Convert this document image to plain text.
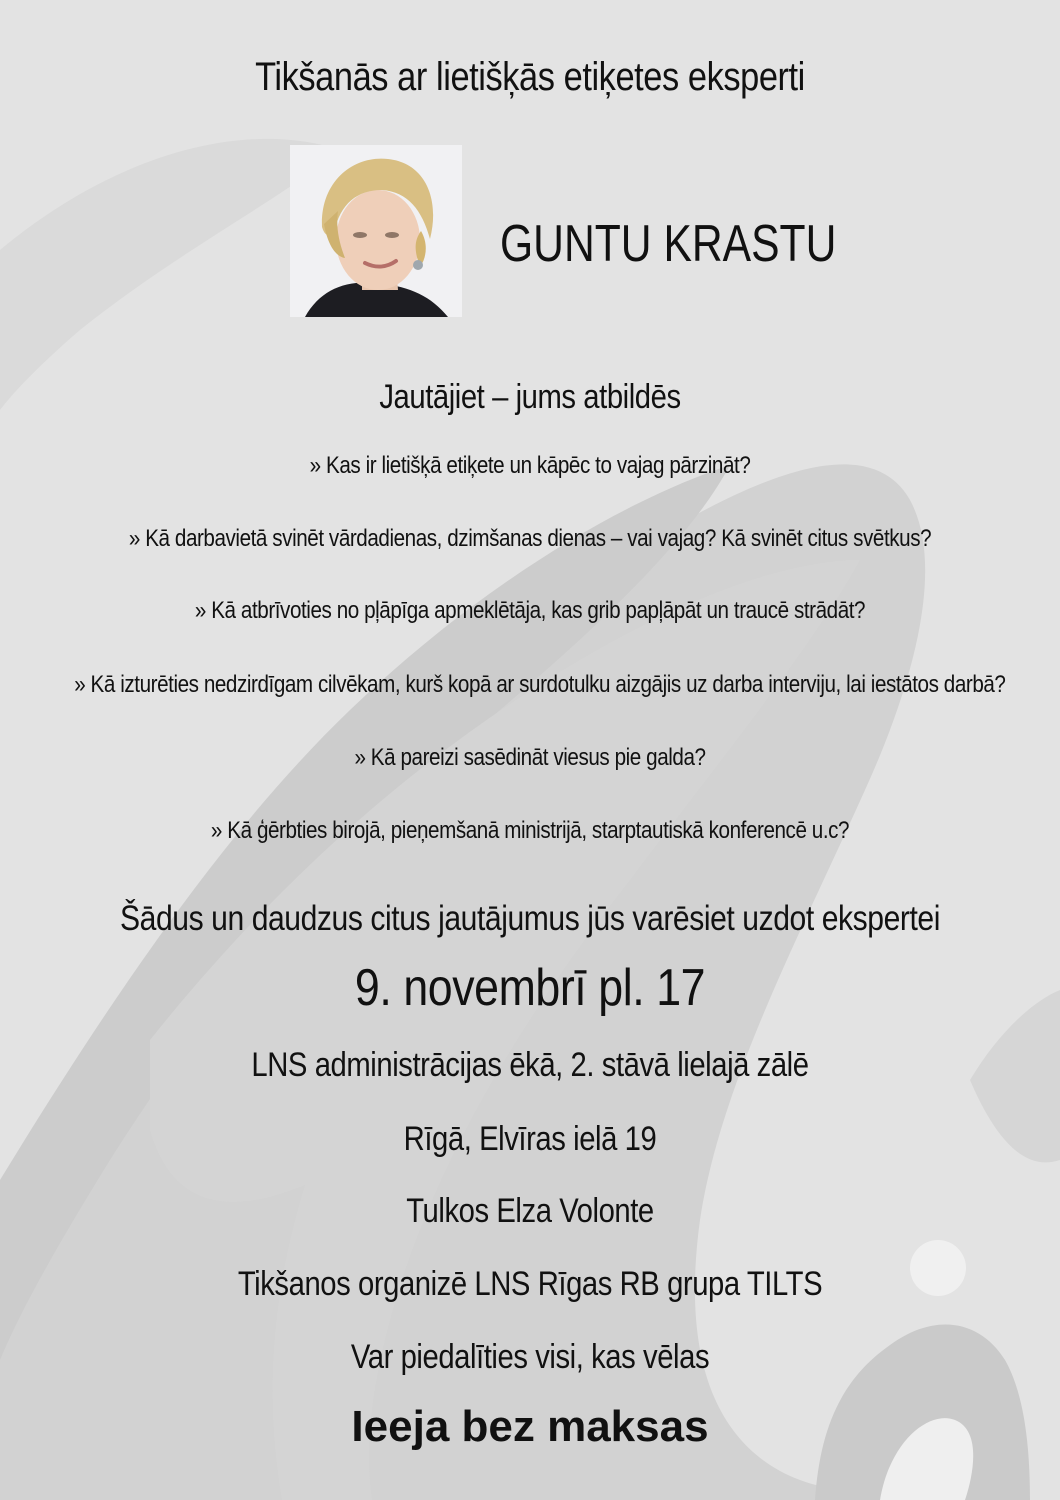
Tikšanās ar lietišķās etiķetes eksperti
GUNTU KRASTU
Jautājiet – jums atbildēs
» Kas ir lietišķā etiķete un kāpēc to vajag pārzināt?
» Kā darbavietā svinēt vārdadienas, dzimšanas dienas – vai vajag? Kā svinēt citus svētkus?
» Kā atbrīvoties no pļāpīga apmeklētāja, kas grib papļāpāt un traucē strādāt?
» Kā izturēties nedzirdīgam cilvēkam, kurš kopā ar surdotulku aizgājis uz darba interviju, lai iestātos darbā?
» Kā pareizi sasēdināt viesus pie galda?
» Kā ģērbties birojā, pieņemšanā ministrijā, starptautiskā konferencē u.c?
Šādus un daudzus citus jautājumus jūs varēsiet uzdot ekspertei
9. novembrī pl. 17
LNS administrācijas ēkā, 2. stāvā lielajā zālē
Rīgā, Elvīras ielā 19
Tulkos Elza Volonte
Tikšanos organizē LNS Rīgas RB grupa TILTS
Var piedalīties visi, kas vēlas
Ieeja bez maksas
